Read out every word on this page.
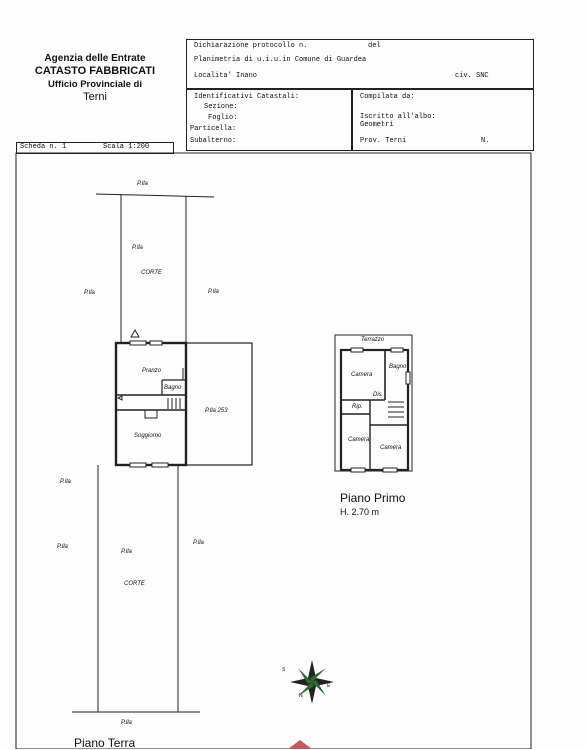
Agenzia delle Entrate
CATASTO FABBRICATI
Ufficio Provinciale di
Terni
Dichiarazione protocollo n.	del
Planimetria di u.i.u.in Comune di Guardea
Localita' Inano	civ. SNC
Identificativi Catastali:
Sezione:
Foglio:
Particella:
Subalterno:
Compilata da:
Iscritto all'albo:
Geometri
Prov. Terni	N.
Scheda n. 1	Scala 1:200
P.lla
P.lla
CORTE
P.lla	P.lla
Pranzo
Bagno
Soggiorno
P.lla 253
P.lla
P.lla
P.lla
P.lla
CORTE
P.lla
Piano Terra
Terrazzo
Camera
Bagno
Dis
Rip.
Camera
Camera
Piano Primo
H. 2.70 m
S
N
E
